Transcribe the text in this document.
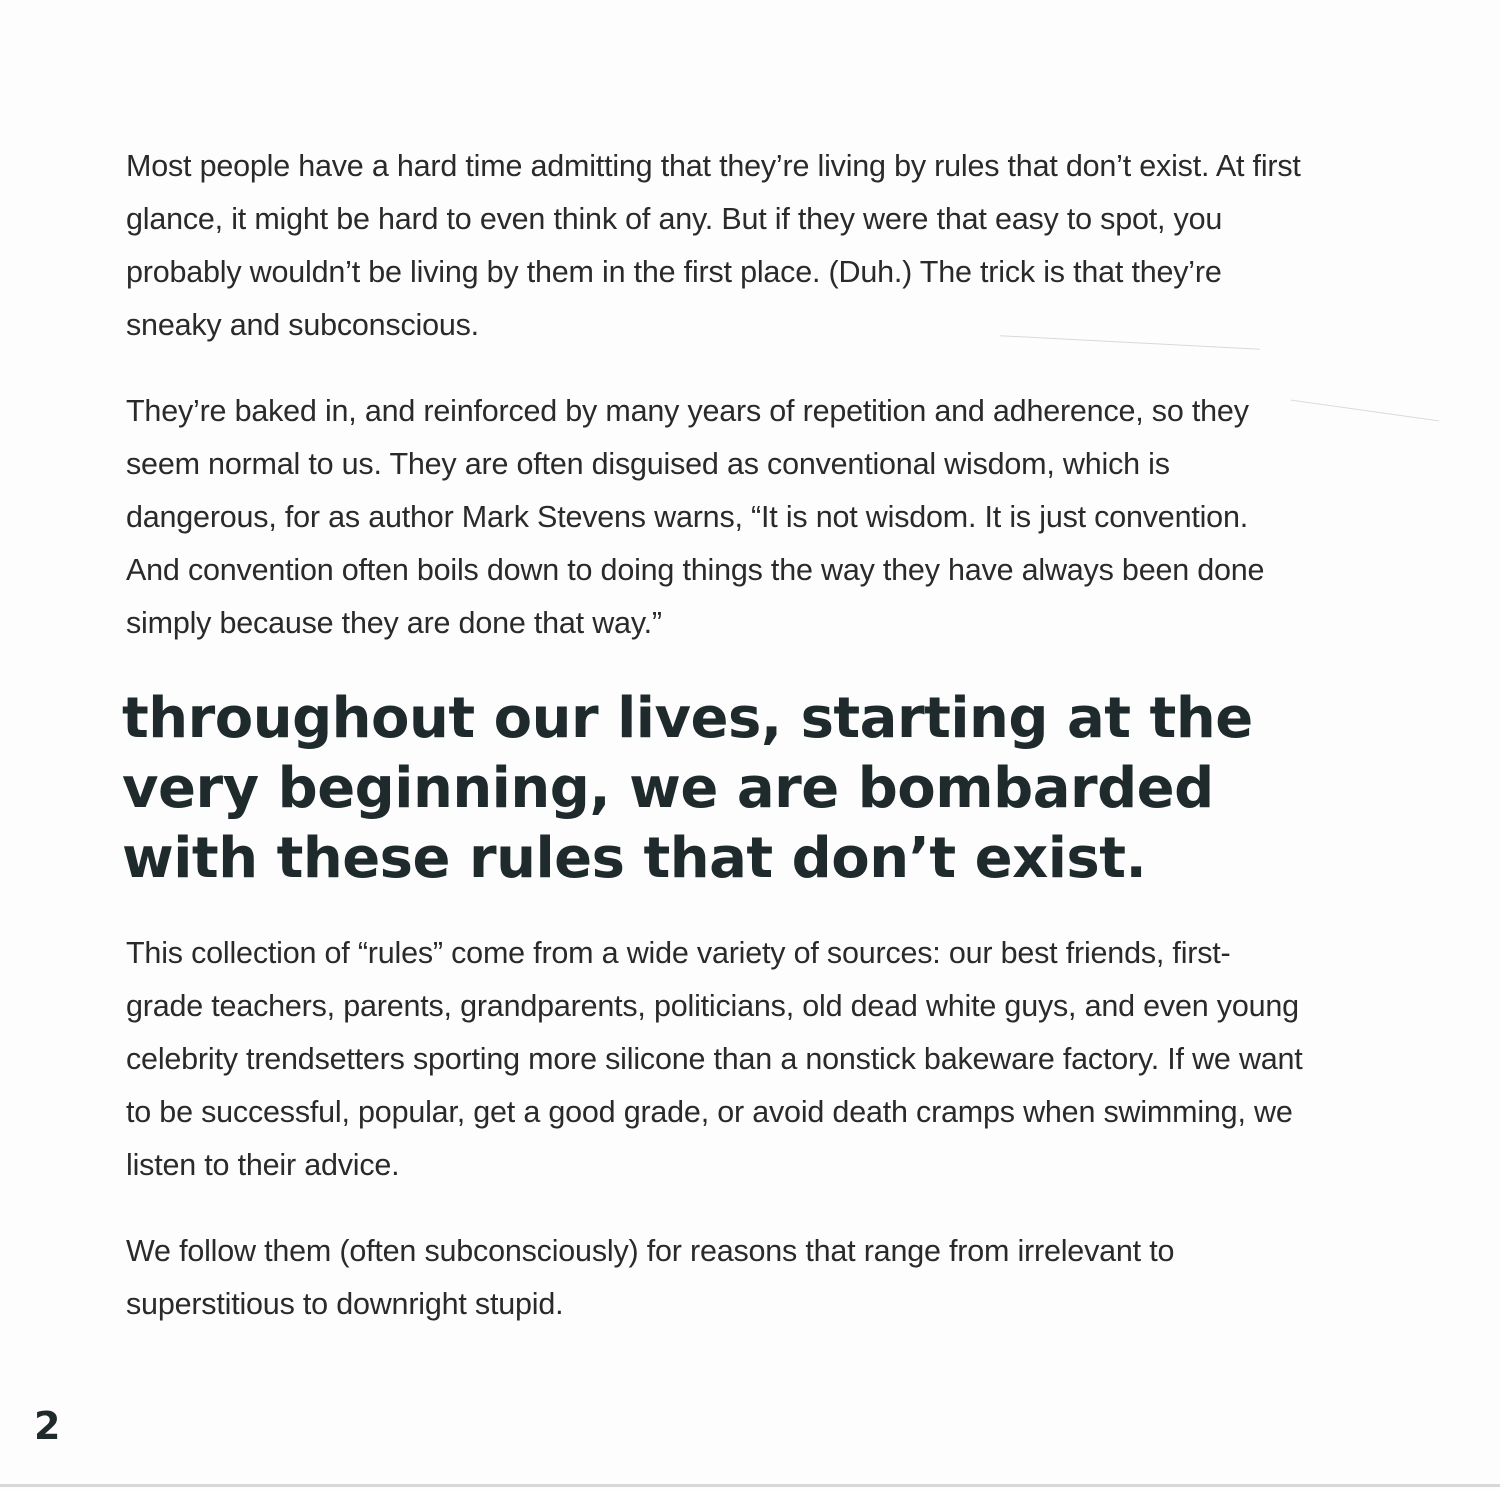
Most people have a hard time admitting that they’re living by rules that don’t exist. At first glance, it might be hard to even think of any. But if they were that easy to spot, you probably wouldn’t be living by them in the first place. (Duh.) The trick is that they’re sneaky and subconscious.

They’re baked in, and reinforced by many years of repetition and adherence, so they seem normal to us. They are often disguised as conventional wisdom, which is dangerous, for as author Mark Stevens warns, “It is not wisdom. It is just convention. And convention often boils down to doing things the way they have always been done simply because they are done that way.”

throughout our lives, starting at the very beginning, we are bombarded with these rules that don’t exist.

This collection of “rules” come from a wide variety of sources: our best friends, first-grade teachers, parents, grandparents, politicians, old dead white guys, and even young celebrity trendsetters sporting more silicone than a nonstick bakeware factory. If we want to be successful, popular, get a good grade, or avoid death cramps when swimming, we listen to their advice.

We follow them (often subconsciously) for reasons that range from irrelevant to superstitious to downright stupid.

2
